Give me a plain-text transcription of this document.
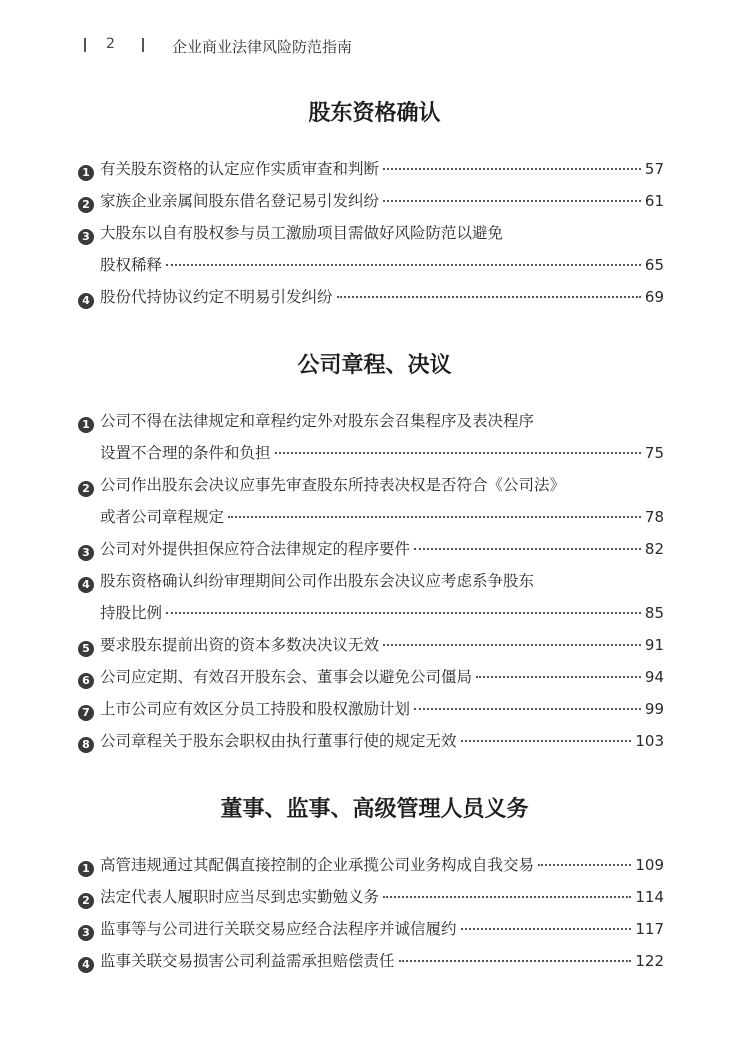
2	企业商业法律风险防范指南
股东资格确认
1 有关股东资格的认定应作实质审查和判断	57
2 家族企业亲属间股东借名登记易引发纠纷	61
3 大股东以自有股权参与员工激励项目需做好风险防范以避免
股权稀释	65
4 股份代持协议约定不明易引发纠纷	69
公司章程、决议
1 公司不得在法律规定和章程约定外对股东会召集程序及表决程序
设置不合理的条件和负担	75
2 公司作出股东会决议应事先审查股东所持表决权是否符合《公司法》
或者公司章程规定	78
3 公司对外提供担保应符合法律规定的程序要件	82
4 股东资格确认纠纷审理期间公司作出股东会决议应考虑系争股东
持股比例	85
5 要求股东提前出资的资本多数决决议无效	91
6 公司应定期、有效召开股东会、董事会以避免公司僵局	94
7 上市公司应有效区分员工持股和股权激励计划	99
8 公司章程关于股东会职权由执行董事行使的规定无效	103
董事、监事、高级管理人员义务
1 高管违规通过其配偶直接控制的企业承揽公司业务构成自我交易	109
2 法定代表人履职时应当尽到忠实勤勉义务	114
3 监事等与公司进行关联交易应经合法程序并诚信履约	117
4 监事关联交易损害公司利益需承担赔偿责任	122
